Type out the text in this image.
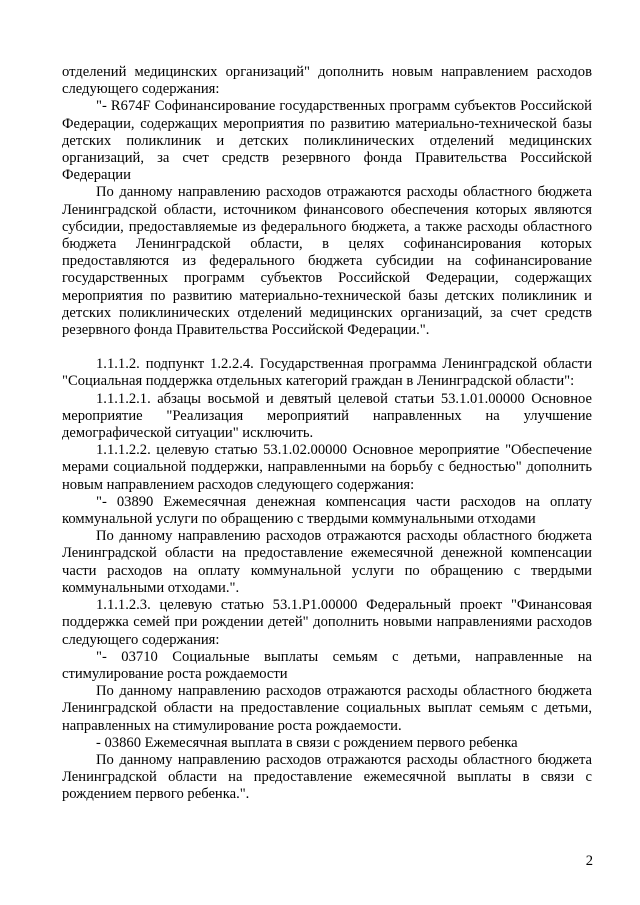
отделений медицинских организаций" дополнить новым направлением расходов следующего содержания:

"- R674F Софинансирование государственных программ субъектов Российской Федерации, содержащих мероприятия по развитию материально-технической базы детских поликлиник и детских поликлинических отделений медицинских организаций, за счет средств резервного фонда Правительства Российской Федерации

По данному направлению расходов отражаются расходы областного бюджета Ленинградской области, источником финансового обеспечения которых являются субсидии, предоставляемые из федерального бюджета, а также расходы областного бюджета Ленинградской области, в целях софинансирования которых предоставляются из федерального бюджета субсидии на софинансирование государственных программ субъектов Российской Федерации, содержащих мероприятия по развитию материально-технической базы детских поликлиник и детских поликлинических отделений медицинских организаций, за счет средств резервного фонда Правительства Российской Федерации.".

1.1.1.2. подпункт 1.2.2.4. Государственная программа Ленинградской области "Социальная поддержка отдельных категорий граждан в Ленинградской области":

1.1.1.2.1. абзацы восьмой и девятый целевой статьи 53.1.01.00000 Основное мероприятие "Реализация мероприятий направленных на улучшение демографической ситуации" исключить.

1.1.1.2.2. целевую статью 53.1.02.00000 Основное мероприятие "Обеспечение мерами социальной поддержки, направленными на борьбу с бедностью" дополнить новым направлением расходов следующего содержания:

"- 03890 Ежемесячная денежная компенсация части расходов на оплату коммунальной услуги по обращению с твердыми коммунальными отходами

По данному направлению расходов отражаются расходы областного бюджета Ленинградской области на предоставление ежемесячной денежной компенсации части расходов на оплату коммунальной услуги по обращению с твердыми коммунальными отходами.".

1.1.1.2.3. целевую статью 53.1.Р1.00000 Федеральный проект "Финансовая поддержка семей при рождении детей" дополнить новыми направлениями расходов следующего содержания:

"- 03710 Социальные выплаты семьям с детьми, направленные на стимулирование роста рождаемости

По данному направлению расходов отражаются расходы областного бюджета Ленинградской области на предоставление социальных выплат семьям с детьми, направленных на стимулирование роста рождаемости.

- 03860 Ежемесячная выплата в связи с рождением первого ребенка

По данному направлению расходов отражаются расходы областного бюджета Ленинградской области на предоставление ежемесячной выплаты в связи с рождением первого ребенка.".

2
